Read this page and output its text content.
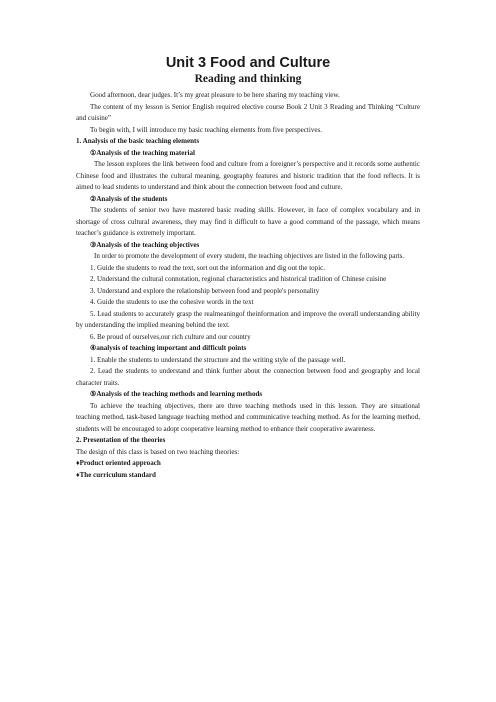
Unit 3 Food and Culture
Reading and thinking

Good afternoon, dear judges. It’s my great pleasure to be here sharing my teaching view.

The content of my lesson is Senior English required elective course Book 2 Unit 3 Reading and Thinking “Culture and cuisine”

To begin with, I will introduce my basic teaching elements from five perspectives.

1. Analysis of the basic teaching elements

①Analysis of the teaching material

The lesson explores the link between food and culture from a foreigner’s perspective and it records some authentic Chinese food and illustrates the cultural meaning, geography features and historic tradition that the food reflects. It is aimed to lead students to understand and think about the connection between food and culture.

②Analysis of the students

The students of senior two have mastered basic reading skills. However, in face of complex vocabulary and in shortage of cross cultural awareness, they may find it difficult to have a good command of the passage, which means teacher’s guidance is extremely important.

③Analysis of the teaching objectives

In order to promote the development of every student, the teaching objectives are listed in the following parts.

1. Guide the students to read the text, sort out the information and dig out the topic.

2. Understand the cultural connotation, regional characteristics and historical tradition of Chinese cuisine

3. Understand and explore the relationship between food and people's personality

4. Guide the students to use the cohesive words in the text

5. Lead students to accurately grasp the realmeaningof theinformation and improve the overall understanding ability by understanding the implied meaning behind the text.

6. Be proud of ourselves,our rich culture and our country

④analysis of teaching important and difficult points

1. Enable the students to understand the structure and the writing style of the passage well.

2. Lead the students to understand and think further about the connection between food and geography and local character traits.

⑤Analysis of the teaching methods and learning methods

To achieve the teaching objectives, there are three teaching methods used in this lesson. They are situational teaching method, task-based language teaching method and communicative teaching method. As for the learning method, students will be encouraged to adopt cooperative learning method to enhance their cooperative awareness.

2. Presentation of the theories

The design of this class is based on two teaching theories:

♦Product oriented approach

♦The curriculum standard
